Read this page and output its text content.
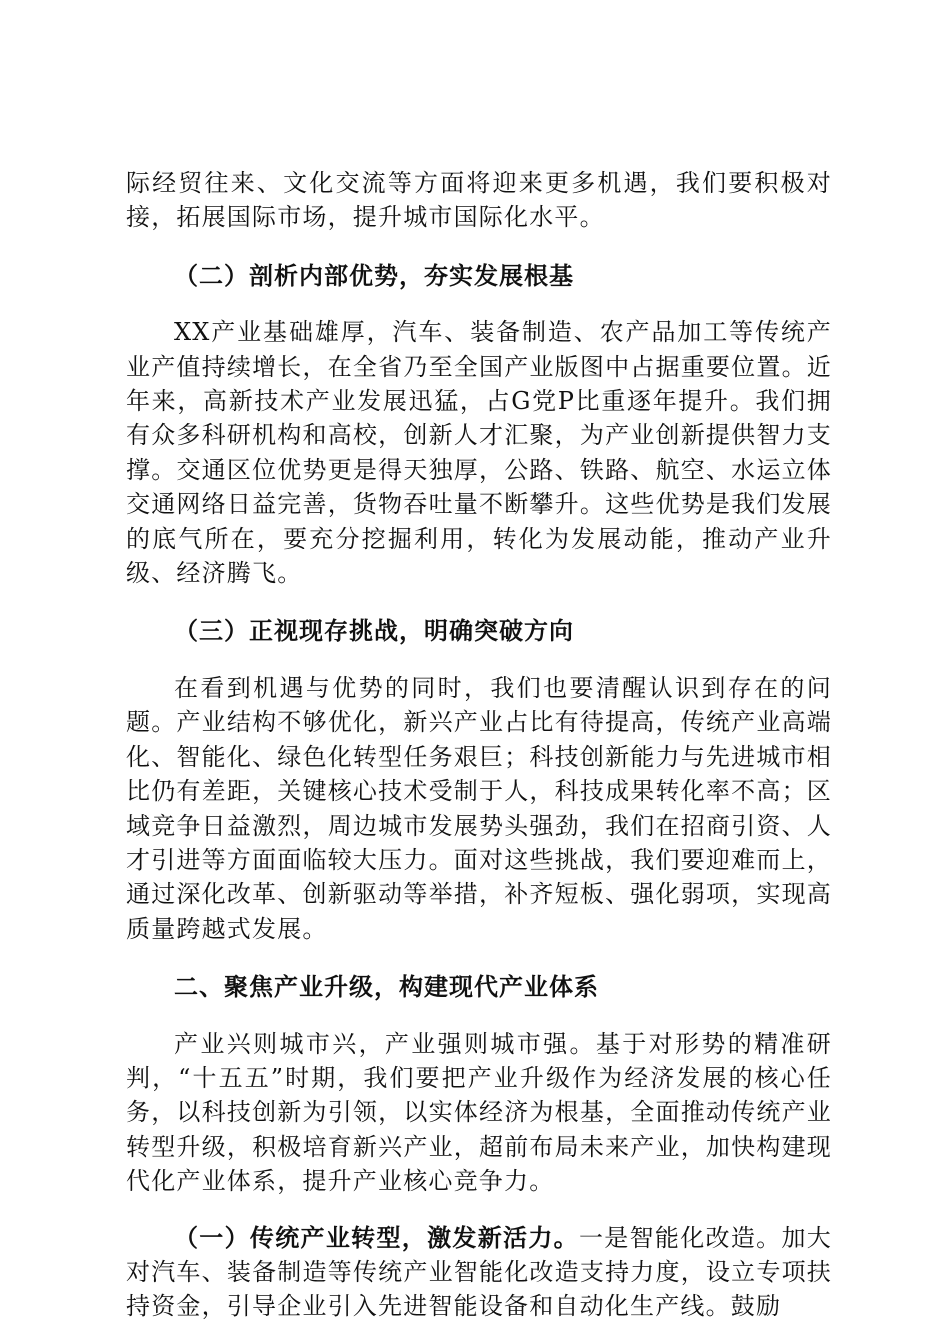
际经贸往来、文化交流等方面将迎来更多机遇，我们要积极对接，拓展国际市场，提升城市国际化水平。

（二）剖析内部优势，夯实发展根基

XX产业基础雄厚，汽车、装备制造、农产品加工等传统产业产值持续增长，在全省乃至全国产业版图中占据重要位置。近年来，高新技术产业发展迅猛，占G党P比重逐年提升。我们拥有众多科研机构和高校，创新人才汇聚，为产业创新提供智力支撑。交通区位优势更是得天独厚，公路、铁路、航空、水运立体交通网络日益完善，货物吞吐量不断攀升。这些优势是我们发展的底气所在，要充分挖掘利用，转化为发展动能，推动产业升级、经济腾飞。

（三）正视现存挑战，明确突破方向

在看到机遇与优势的同时，我们也要清醒认识到存在的问题。产业结构不够优化，新兴产业占比有待提高，传统产业高端化、智能化、绿色化转型任务艰巨；科技创新能力与先进城市相比仍有差距，关键核心技术受制于人，科技成果转化率不高；区域竞争日益激烈，周边城市发展势头强劲，我们在招商引资、人才引进等方面面临较大压力。面对这些挑战，我们要迎难而上，通过深化改革、创新驱动等举措，补齐短板、强化弱项，实现高质量跨越式发展。

二、聚焦产业升级，构建现代产业体系

产业兴则城市兴，产业强则城市强。基于对形势的精准研判，“十五五”时期，我们要把产业升级作为经济发展的核心任务，以科技创新为引领，以实体经济为根基，全面推动传统产业转型升级，积极培育新兴产业，超前布局未来产业，加快构建现代化产业体系，提升产业核心竞争力。

（一）传统产业转型，激发新活力。一是智能化改造。加大对汽车、装备制造等传统产业智能化改造支持力度，设立专项扶持资金，引导企业引入先进智能设备和自动化生产线。鼓励
